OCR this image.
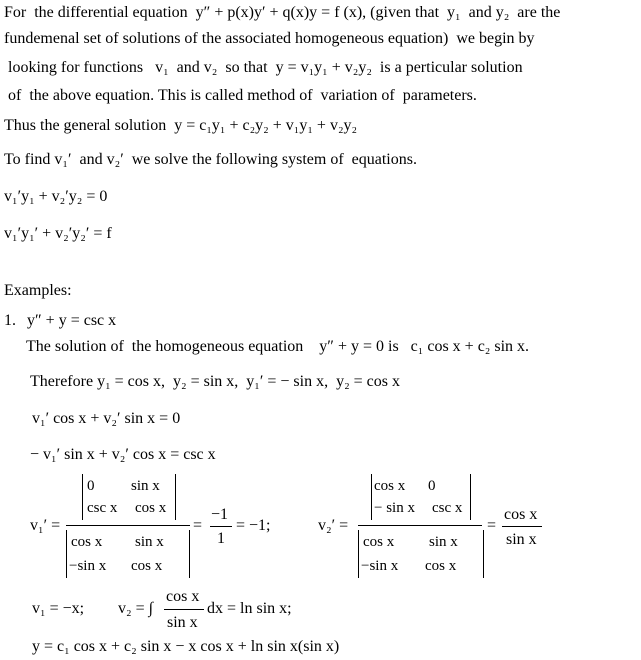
For  the differential equation  y″ + p(x)y′ + q(x)y = f (x), (given that  y₁  and y₂  are the
fundemenal set of solutions of the associated homogeneous equation)  we begin by
looking for functions   v₁  and v₂  so that  y = v₁y₁ + v₂y₂  is a perticular solution
of  the above equation. This is called method of  variation of  parameters.
Thus the general solution  y = c₁y₁ + c₂y₂ + v₁y₁ + v₂y₂
To find v₁′  and v₂′  we solve the following system of  equations.
v₁′y₁ + v₂′y₂ = 0
v₁′y₁′ + v₂′y₂′ = f
Examples:
1. y″ + y = csc x
The solution of  the homogeneous equation    y″ + y = 0 is   c₁ cos x + c₂ sin x.
Therefore y₁ = cos x,  y₂ = sin x,  y₁′ = − sin x,  y₂ = cos x
v₁′ cos x + v₂′ sin x = 0
− v₁′ sin x + v₂′ cos x = csc x
v₁′ =
0 sin x
csc x cos x
cos x sin x
−sin x cos x
=
−1
1
= −1;	v₂′ =
cos x 0
− sin x csc x
cos x sin x
−sin x cos x
=
cos x
sin x
v₁ = −x; v₂ = ∫
cos x
sin x
dx = ln sin x;
y = c₁ cos x + c₂ sin x − x cos x + ln sin x(sin x)
